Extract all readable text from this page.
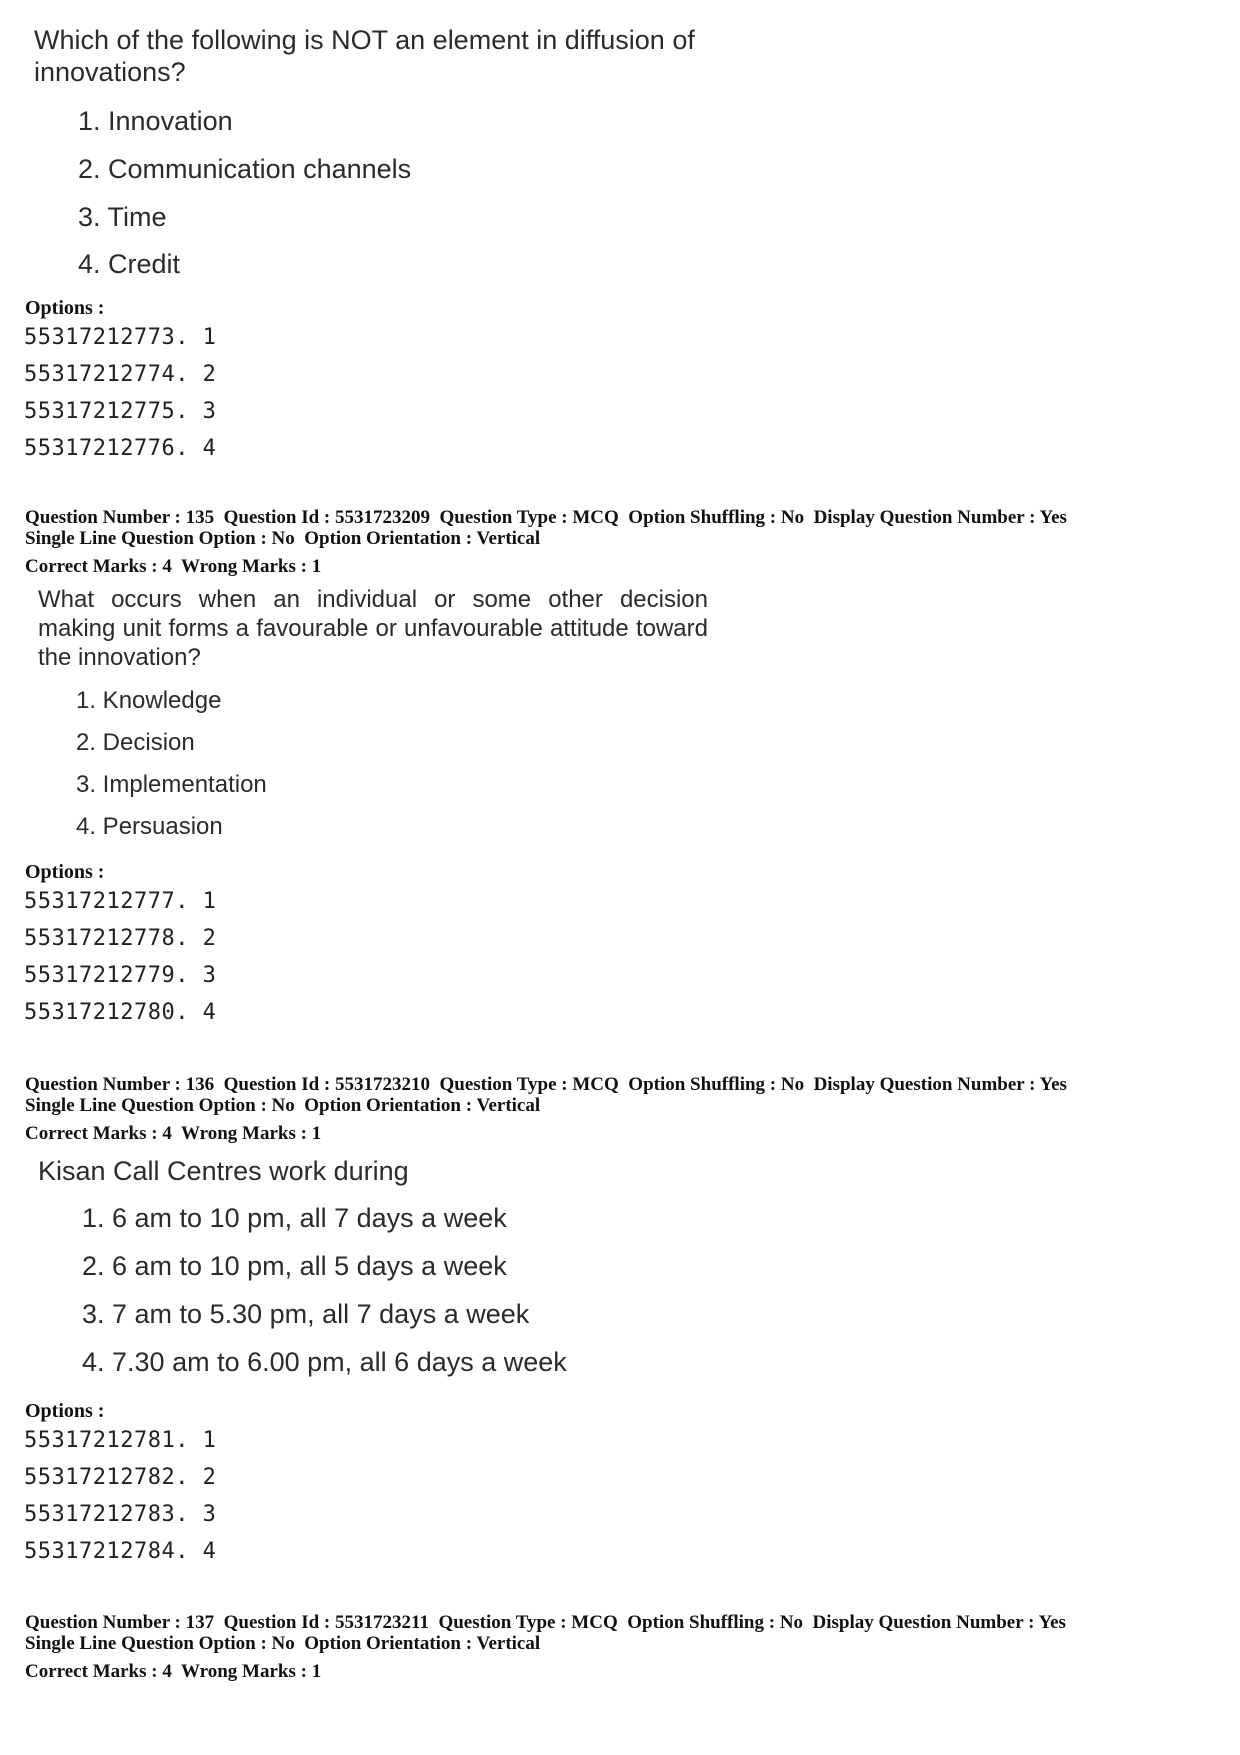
Which of the following is NOT an element in diffusion of innovations?

1. Innovation

2. Communication channels

3. Time

4. Credit

Options :
55317212773. 1
55317212774. 2
55317212775. 3
55317212776. 4
Question Number : 135  Question Id : 5531723209  Question Type : MCQ  Option Shuffling : No  Display Question Number : Yes
Single Line Question Option : No  Option Orientation : Vertical
Correct Marks : 4  Wrong Marks : 1

What occurs when an individual or some other decision making unit forms a favourable or unfavourable attitude toward the innovation?

1. Knowledge

2. Decision

3. Implementation

4. Persuasion

Options :
55317212777. 1
55317212778. 2
55317212779. 3
55317212780. 4
Question Number : 136  Question Id : 5531723210  Question Type : MCQ  Option Shuffling : No  Display Question Number : Yes
Single Line Question Option : No  Option Orientation : Vertical
Correct Marks : 4  Wrong Marks : 1

Kisan Call Centres work during

1. 6 am to 10 pm, all 7 days a week

2. 6 am to 10 pm, all 5 days a week

3. 7 am to 5.30 pm, all 7 days a week

4. 7.30 am to 6.00 pm, all 6 days a week

Options :
55317212781. 1
55317212782. 2
55317212783. 3
55317212784. 4
Question Number : 137  Question Id : 5531723211  Question Type : MCQ  Option Shuffling : No  Display Question Number : Yes
Single Line Question Option : No  Option Orientation : Vertical
Correct Marks : 4  Wrong Marks : 1
